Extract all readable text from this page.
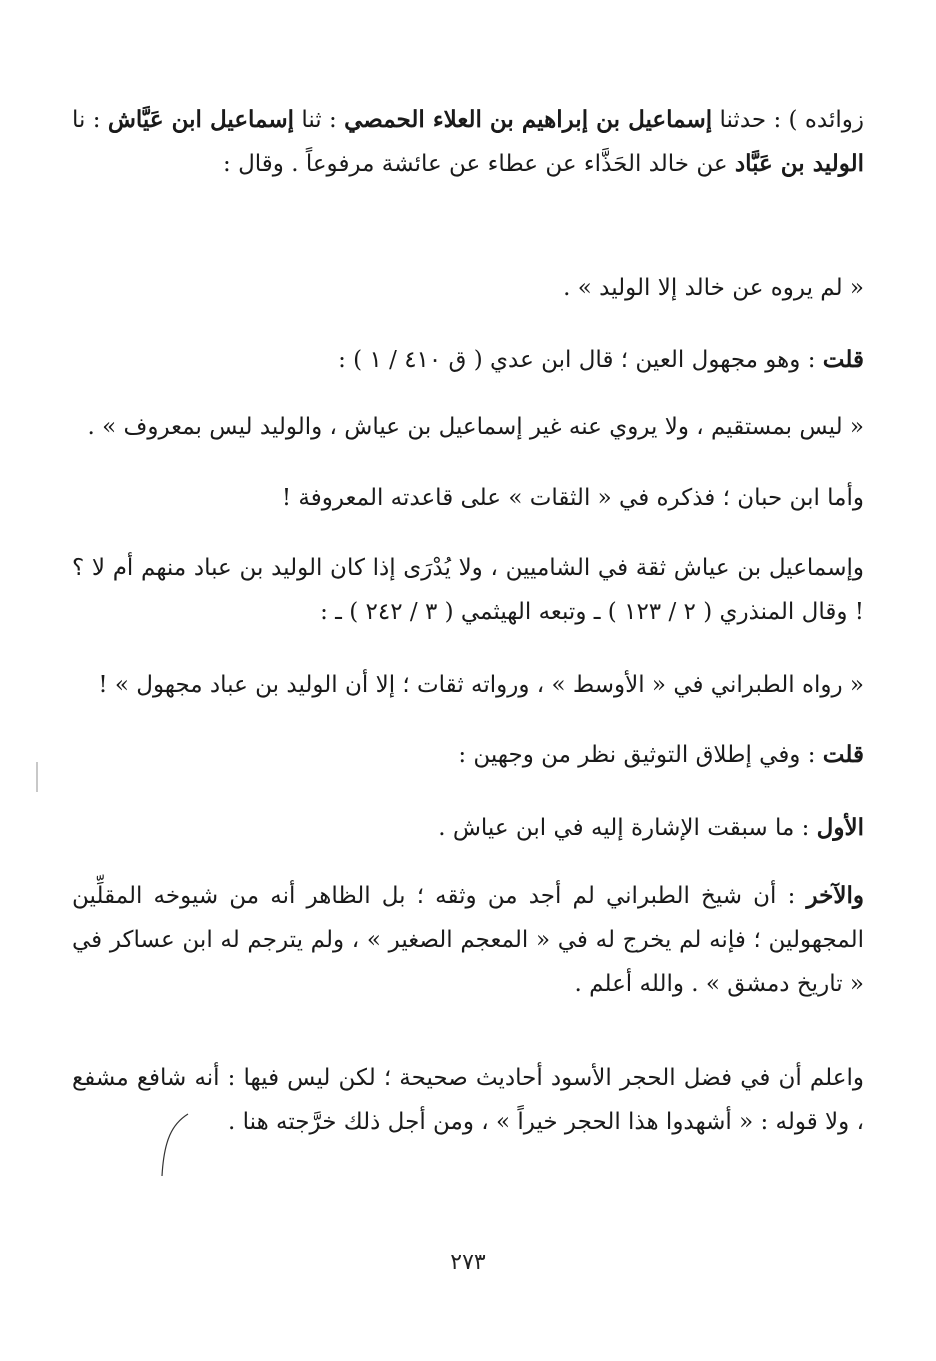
زوائده ) : حدثنا إسماعيل بن إبراهيم بن العلاء الحمصي : ثنا إسماعيل ابن عَيَّاش : نا الوليد بن عَبَّاد عن خالد الحَذَّاء عن عطاء عن عائشة مرفوعاً . وقال :

« لم يروه عن خالد إلا الوليد » .

قلت : وهو مجهول العين ؛ قال ابن عدي ( ق ٤١٠ / ١ ) :

« ليس بمستقيم ، ولا يروي عنه غير إسماعيل بن عياش ، والوليد ليس بمعروف » .

وأما ابن حبان ؛ فذكره في « الثقات » على قاعدته المعروفة !

وإسماعيل بن عياش ثقة في الشاميين ، ولا يُدْرَى إذا كان الوليد بن عباد منهم أم لا ؟ ! وقال المنذري ( ٢ / ١٢٣ ) ـ وتبعه الهيثمي ( ٣ / ٢٤٢ ) ـ :

« رواه الطبراني في « الأوسط » ، ورواته ثقات ؛ إلا أن الوليد بن عباد مجهول » !

قلت : وفي إطلاق التوثيق نظر من وجهين :

الأول : ما سبقت الإشارة إليه في ابن عياش .

والآخر : أن شيخ الطبراني لم أجد من وثقه ؛ بل الظاهر أنه من شيوخه المقلِّين المجهولين ؛ فإنه لم يخرج له في « المعجم الصغير » ، ولم يترجم له ابن عساكر في « تاريخ دمشق » . والله أعلم .

واعلم أن في فضل الحجر الأسود أحاديث صحيحة ؛ لكن ليس فيها : أنه شافع مشفع ، ولا قوله : « أشهدوا هذا الحجر خيراً » ، ومن أجل ذلك خرَّجته هنا .

٢٧٣
